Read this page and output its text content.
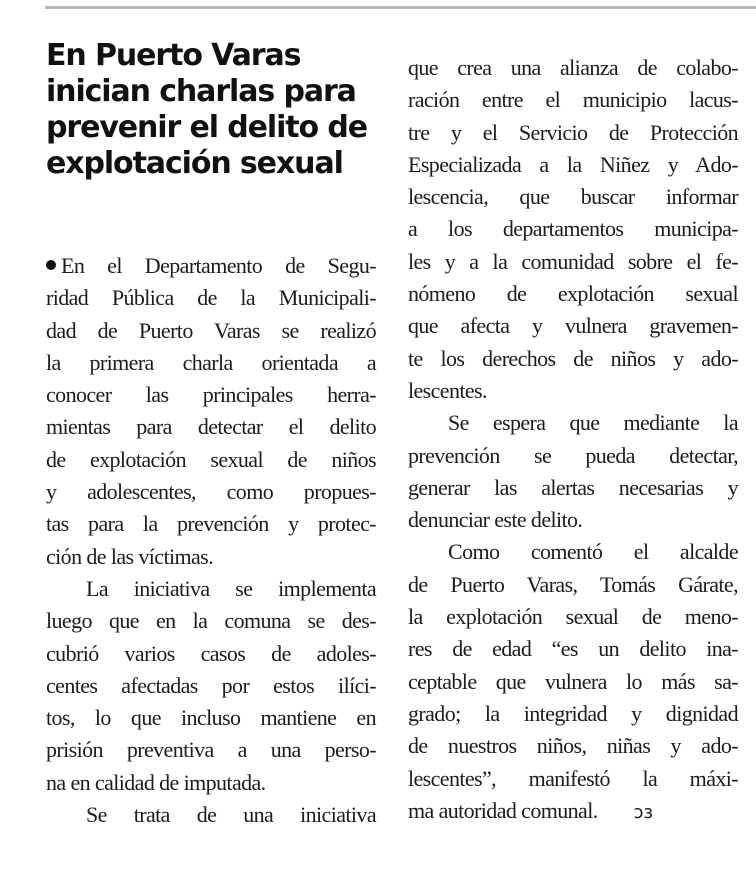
En Puerto Varas
inician charlas para
prevenir el delito de
explotación sexual
En el Departamento de Segu-
ridad Pública de la Municipali-
dad de Puerto Varas se realizó
la primera charla orientada a
conocer las principales herra-
mientas para detectar el delito
de explotación sexual de niños
y adolescentes, como propues-
tas para la prevención y protec-
ción de las víctimas.
La iniciativa se implementa
luego que en la comuna se des-
cubrió varios casos de adoles-
centes afectadas por estos ilíci-
tos, lo que incluso mantiene en
prisión preventiva a una perso-
na en calidad de imputada.
Se trata de una iniciativa
que crea una alianza de colabo-
ración entre el municipio lacus-
tre y el Servicio de Protección
Especializada a la Niñez y Ado-
lescencia, que buscar informar
a los departamentos municipa-
les y a la comunidad sobre el fe-
nómeno de explotación sexual
que afecta y vulnera gravemen-
te los derechos de niños y ado-
lescentes.
Se espera que mediante la
prevención se pueda detectar,
generar las alertas necesarias y
denunciar este delito.
Como comentó el alcalde
de Puerto Varas, Tomás Gárate,
la explotación sexual de meno-
res de edad “es un delito ina-
ceptable que vulnera lo más sa-
grado; la integridad y dignidad
de nuestros niños, niñas y ado-
lescentes”, manifestó la máxi-
ma autoridad comunal. ↄз
